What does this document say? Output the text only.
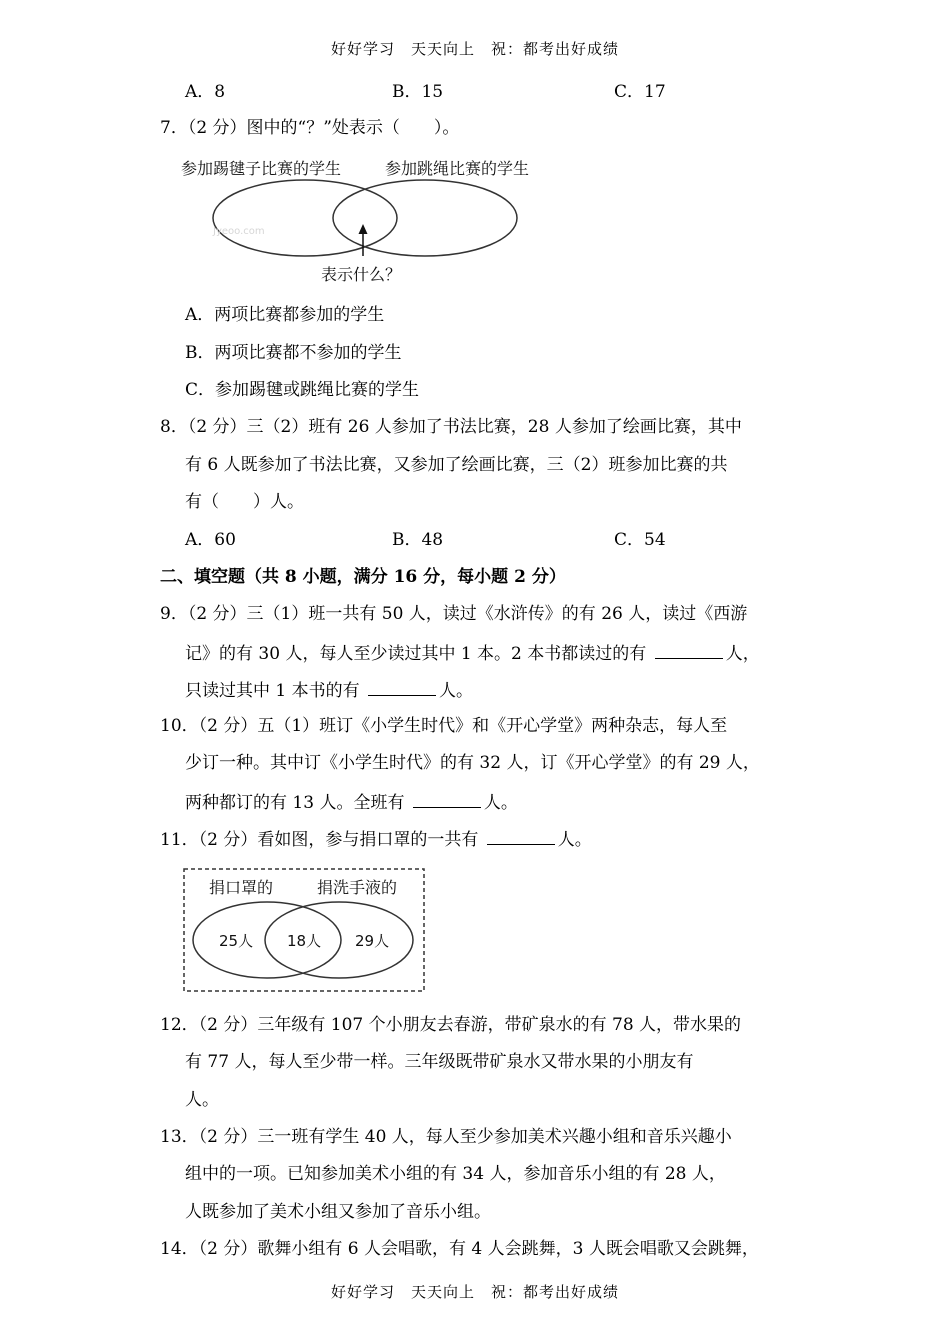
好好学习　天天向上　祝：都考出好成绩
A．8	B．15	C．17
7．（2 分）图中的“？”处表示（　　）。
参加踢毽子比赛的学生	参加跳绳比赛的学生
Jyeoo.com
表示什么？
A．两项比赛都参加的学生
B．两项比赛都不参加的学生
C．参加踢毽或跳绳比赛的学生
8．（2 分）三（2）班有 26 人参加了书法比赛，28 人参加了绘画比赛，其中
有 6 人既参加了书法比赛，又参加了绘画比赛，三（2）班参加比赛的共
有（　　）人。
A．60	B．48	C．54
二、填空题（共 8 小题，满分 16 分，每小题 2 分）
9．（2 分）三（1）班一共有 50 人，读过《水浒传》的有 26 人，读过《西游
记》的有 30 人，每人至少读过其中 1 本。2 本书都读过的有	人，
只读过其中 1 本书的有	人。
10．（2 分）五（1）班订《小学生时代》和《开心学堂》两种杂志，每人至
少订一种。其中订《小学生时代》的有 32 人，订《开心学堂》的有 29 人，
两种都订的有 13 人。全班有	人。
11．（2 分）看如图，参与捐口罩的一共有	人。
捐口罩的	捐洗手液的
25人 18人 29人
12．（2 分）三年级有 107 个小朋友去春游，带矿泉水的有 78 人，带水果的
有 77 人，每人至少带一样。三年级既带矿泉水又带水果的小朋友有
人。
13．（2 分）三一班有学生 40 人，每人至少参加美术兴趣小组和音乐兴趣小
组中的一项。已知参加美术小组的有 34 人，参加音乐小组的有 28 人，
人既参加了美术小组又参加了音乐小组。
14．（2 分）歌舞小组有 6 人会唱歌，有 4 人会跳舞，3 人既会唱歌又会跳舞，
好好学习　天天向上　祝：都考出好成绩
